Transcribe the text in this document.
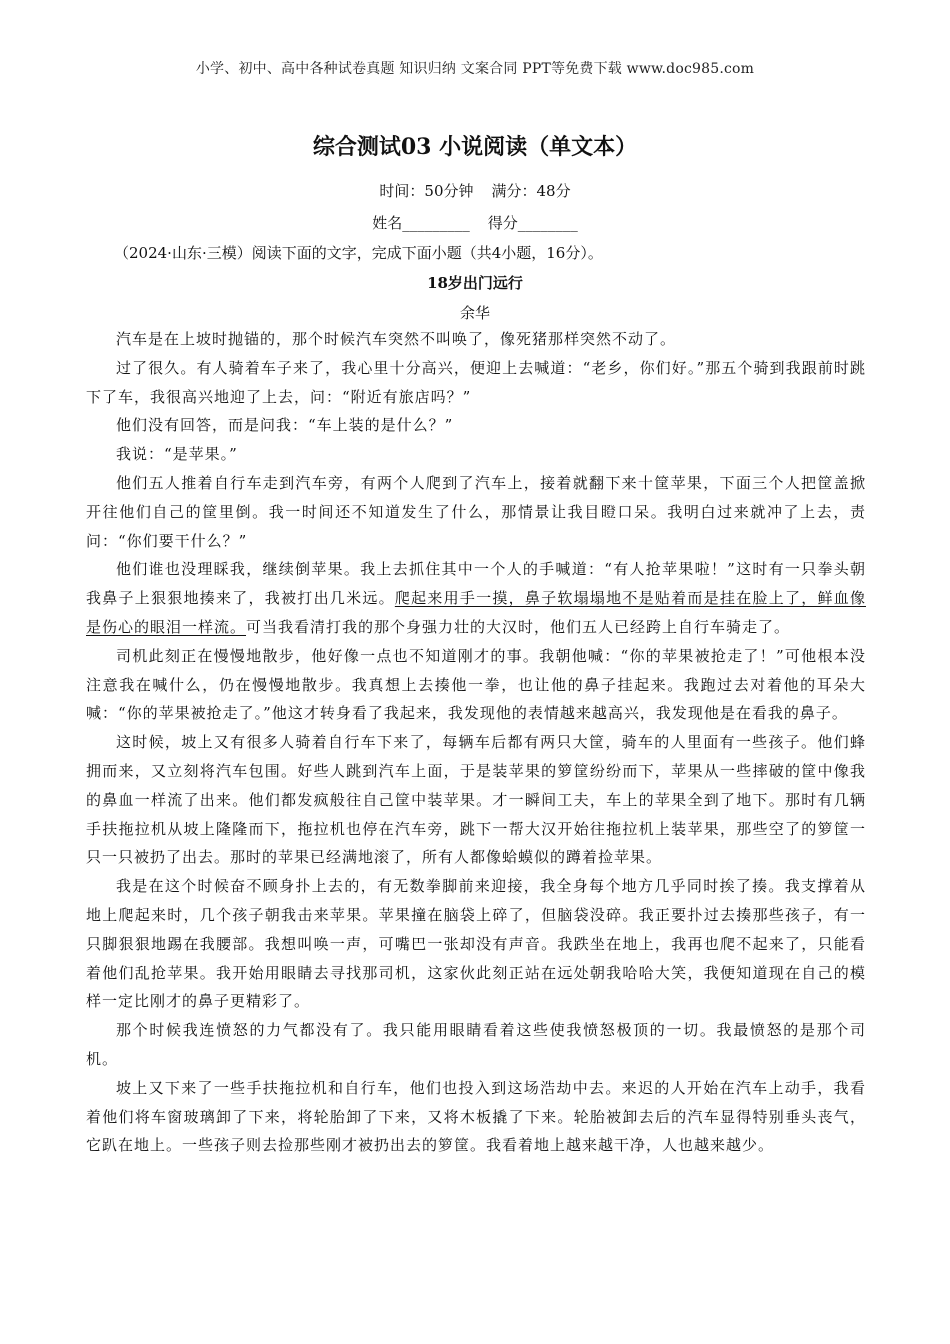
小学、初中、高中各种试卷真题 知识归纳 文案合同 PPT等免费下载 www.doc985.com
综合测试03 小说阅读（单文本）
时间：50分钟 满分：48分
姓名_________ 得分________
（2024·山东·三模）阅读下面的文字，完成下面小题（共4小题，16分）。
18岁出门远行
余华

汽车是在上坡时抛锚的，那个时候汽车突然不叫唤了，像死猪那样突然不动了。

过了很久。有人骑着车子来了，我心里十分高兴，便迎上去喊道：“老乡，你们好。”那五个骑到我跟前时跳下了车，我很高兴地迎了上去，问：“附近有旅店吗？”

他们没有回答，而是问我：“车上装的是什么？”

我说：“是苹果。”

他们五人推着自行车走到汽车旁，有两个人爬到了汽车上，接着就翻下来十筐苹果，下面三个人把筐盖掀开往他们自己的筐里倒。我一时间还不知道发生了什么，那情景让我目瞪口呆。我明白过来就冲了上去，责问：“你们要干什么？”

他们谁也没理睬我，继续倒苹果。我上去抓住其中一个人的手喊道：“有人抢苹果啦！”这时有一只拳头朝我鼻子上狠狠地揍来了，我被打出几米远。爬起来用手一摸，鼻子软塌塌地不是贴着而是挂在脸上了，鲜血像是伤心的眼泪一样流。可当我看清打我的那个身强力壮的大汉时，他们五人已经跨上自行车骑走了。

司机此刻正在慢慢地散步，他好像一点也不知道刚才的事。我朝他喊：“你的苹果被抢走了！”可他根本没注意我在喊什么，仍在慢慢地散步。我真想上去揍他一拳，也让他的鼻子挂起来。我跑过去对着他的耳朵大喊：“你的苹果被抢走了。”他这才转身看了我起来，我发现他的表情越来越高兴，我发现他是在看我的鼻子。

这时候，坡上又有很多人骑着自行车下来了，每辆车后都有两只大筐，骑车的人里面有一些孩子。他们蜂拥而来，又立刻将汽车包围。好些人跳到汽车上面，于是装苹果的箩筐纷纷而下，苹果从一些摔破的筐中像我的鼻血一样流了出来。他们都发疯般往自己筐中装苹果。才一瞬间工夫，车上的苹果全到了地下。那时有几辆手扶拖拉机从坡上隆隆而下，拖拉机也停在汽车旁，跳下一帮大汉开始往拖拉机上装苹果，那些空了的箩筐一只一只被扔了出去。那时的苹果已经满地滚了，所有人都像蛤蟆似的蹲着捡苹果。

我是在这个时候奋不顾身扑上去的，有无数拳脚前来迎接，我全身每个地方几乎同时挨了揍。我支撑着从地上爬起来时，几个孩子朝我击来苹果。苹果撞在脑袋上碎了，但脑袋没碎。我正要扑过去揍那些孩子，有一只脚狠狠地踢在我腰部。我想叫唤一声，可嘴巴一张却没有声音。我跌坐在地上，我再也爬不起来了，只能看着他们乱抢苹果。我开始用眼睛去寻找那司机，这家伙此刻正站在远处朝我哈哈大笑，我便知道现在自己的模样一定比刚才的鼻子更精彩了。

那个时候我连愤怒的力气都没有了。我只能用眼睛看着这些使我愤怒极顶的一切。我最愤怒的是那个司机。

坡上又下来了一些手扶拖拉机和自行车，他们也投入到这场浩劫中去。来迟的人开始在汽车上动手，我看着他们将车窗玻璃卸了下来，将轮胎卸了下来，又将木板撬了下来。轮胎被卸去后的汽车显得特别垂头丧气，它趴在地上。一些孩子则去捡那些刚才被扔出去的箩筐。我看着地上越来越干净，人也越来越少。
